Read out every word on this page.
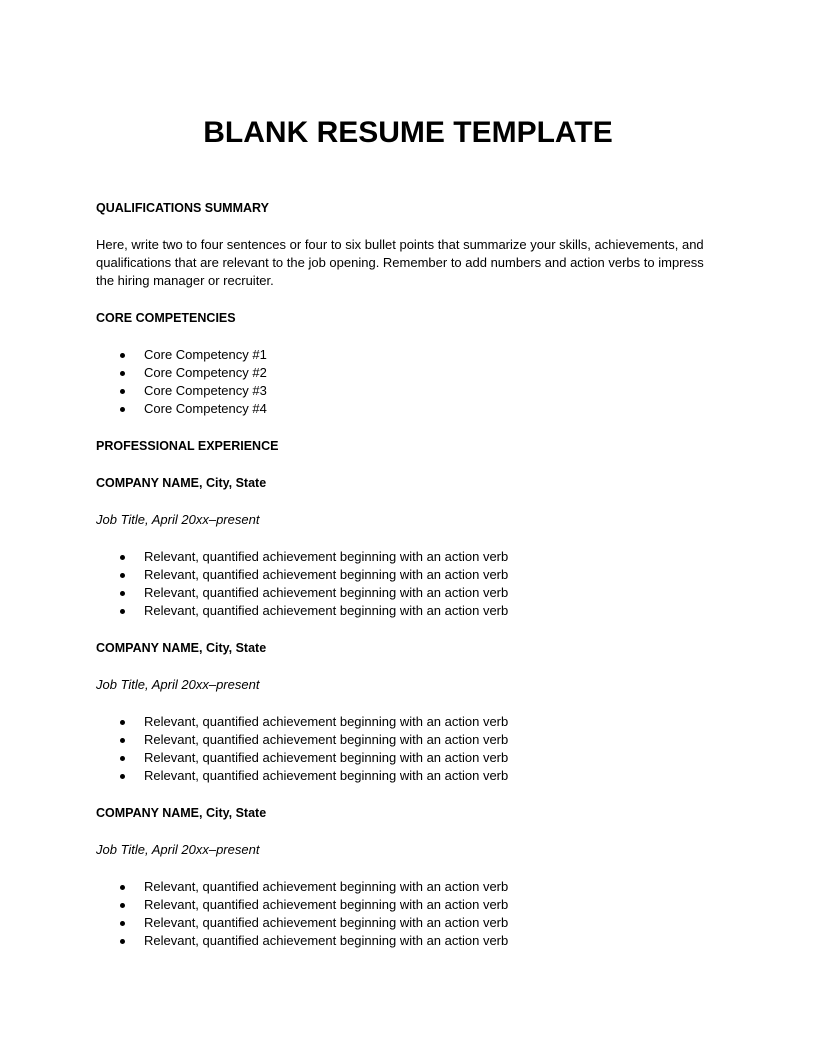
BLANK RESUME TEMPLATE
QUALIFICATIONS SUMMARY

Here, write two to four sentences or four to six bullet points that summarize your skills, achievements, and qualifications that are relevant to the job opening. Remember to add numbers and action verbs to impress the hiring manager or recruiter.

CORE COMPETENCIES
Core Competency #1
Core Competency #2
Core Competency #3
Core Competency #4
PROFESSIONAL EXPERIENCE
COMPANY NAME, City, State
Job Title, April 20xx–present
Relevant, quantified achievement beginning with an action verb
Relevant, quantified achievement beginning with an action verb
Relevant, quantified achievement beginning with an action verb
Relevant, quantified achievement beginning with an action verb
COMPANY NAME, City, State
Job Title, April 20xx–present
Relevant, quantified achievement beginning with an action verb
Relevant, quantified achievement beginning with an action verb
Relevant, quantified achievement beginning with an action verb
Relevant, quantified achievement beginning with an action verb
COMPANY NAME, City, State
Job Title, April 20xx–present
Relevant, quantified achievement beginning with an action verb
Relevant, quantified achievement beginning with an action verb
Relevant, quantified achievement beginning with an action verb
Relevant, quantified achievement beginning with an action verb
